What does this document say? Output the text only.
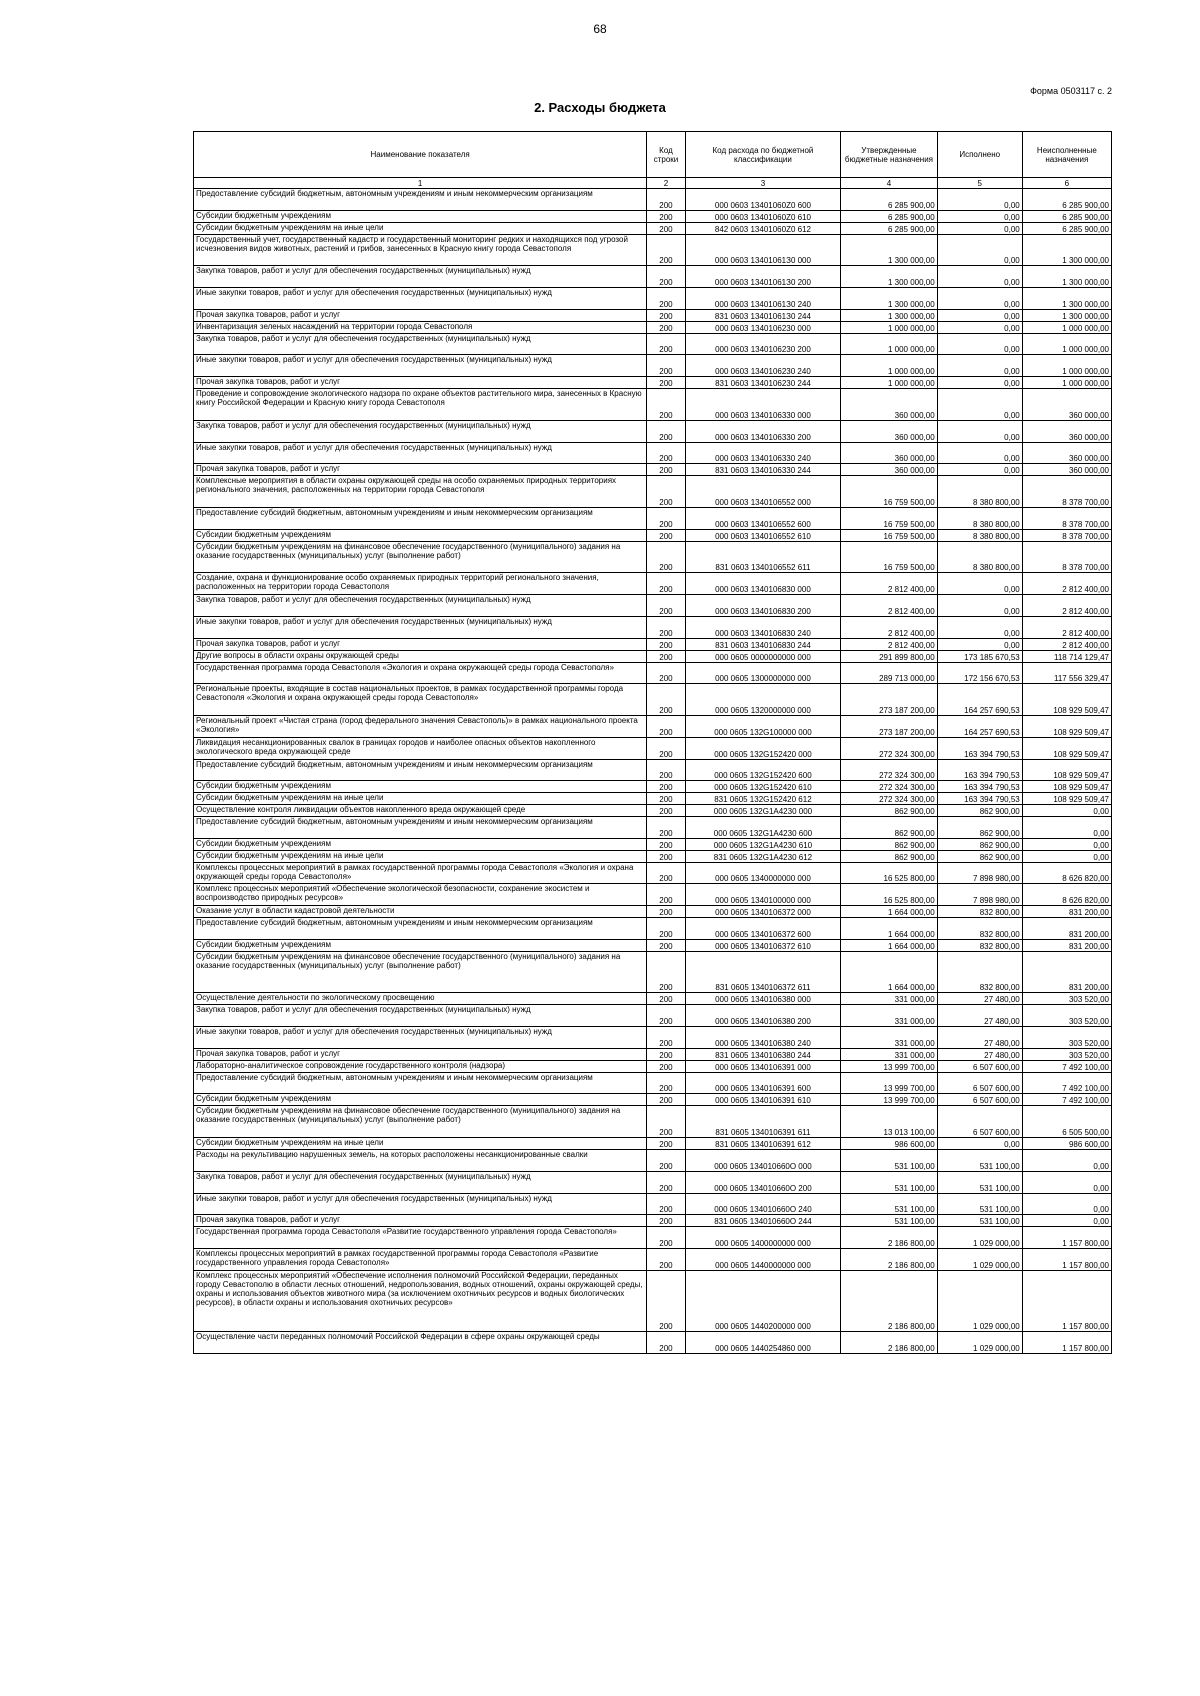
68
Форма 0503117 с. 2
2. Расходы бюджета
Наименование показателя	Код строки	Код расхода по бюджетной классификации	Утвержденные бюджетные назначения	Исполнено	Неисполненные назначения
1	2	3	4	5	6
Предоставление субсидий бюджетным, автономным учреждениям и иным некоммерческим организациям	200	000 0603 13401060Z0 600	6 285 900,00	0,00	6 285 900,00
Субсидии бюджетным учреждениям	200	000 0603 13401060Z0 610	6 285 900,00	0,00	6 285 900,00
Субсидии бюджетным учреждениям на иные цели	200	842 0603 13401060Z0 612	6 285 900,00	0,00	6 285 900,00
Государственный учет, государственный кадастр и государственный мониторинг редких и находящихся под угрозой исчезновения видов животных, растений и грибов, занесенных в Красную книгу города Севастополя	200	000 0603 13401061З0 000	1 300 000,00	0,00	1 300 000,00
Закупка товаров, работ и услуг для обеспечения государственных (муниципальных) нужд	200	000 0603 13401061З0 200	1 300 000,00	0,00	1 300 000,00
Иные закупки товаров, работ и услуг для обеспечения государственных (муниципальных) нужд	200	000 0603 13401061З0 240	1 300 000,00	0,00	1 300 000,00
Прочая закупка товаров, работ и услуг	200	831 0603 13401061З0 244	1 300 000,00	0,00	1 300 000,00
Инвентаризация зеленых насаждений на территории города Севастополя	200	000 0603 1340106230 000	1 000 000,00	0,00	1 000 000,00
Закупка товаров, работ и услуг для обеспечения государственных (муниципальных) нужд	200	000 0603 1340106230 200	1 000 000,00	0,00	1 000 000,00
Иные закупки товаров, работ и услуг для обеспечения государственных (муниципальных) нужд	200	000 0603 1340106230 240	1 000 000,00	0,00	1 000 000,00
Прочая закупка товаров, работ и услуг	200	831 0603 1340106230 244	1 000 000,00	0,00	1 000 000,00
Проведение и сопровождение экологического надзора по охране объектов растительного мира, занесенных в Красную книгу Российской Федерации и Красную книгу города Севастополя	200	000 0603 1340106330 000	360 000,00	0,00	360 000,00
Закупка товаров, работ и услуг для обеспечения государственных (муниципальных) нужд	200	000 0603 1340106330 200	360 000,00	0,00	360 000,00
Иные закупки товаров, работ и услуг для обеспечения государственных (муниципальных) нужд	200	000 0603 1340106330 240	360 000,00	0,00	360 000,00
Прочая закупка товаров, работ и услуг	200	831 0603 1340106330 244	360 000,00	0,00	360 000,00
Комплексные мероприятия в области охраны окружающей среды на особо охраняемых природных территориях регионального значения, расположенных на территории города Севастополя	200	000 0603 1340106552 000	16 759 500,00	8 380 800,00	8 378 700,00
Предоставление субсидий бюджетным, автономным учреждениям и иным некоммерческим организациям	200	000 0603 1340106552 600	16 759 500,00	8 380 800,00	8 378 700,00
Субсидии бюджетным учреждениям	200	000 0603 1340106552 610	16 759 500,00	8 380 800,00	8 378 700,00
Субсидии бюджетным учреждениям на финансовое обеспечение государственного (муниципального) задания на оказание государственных (муниципальных) услуг (выполнение работ)	200	831 0603 1340106552 611	16 759 500,00	8 380 800,00	8 378 700,00
Создание, охрана и функционирование особо охраняемых природных территорий регионального значения, расположенных на территории города Севастополя	200	000 0603 1340106830 000	2 812 400,00	0,00	2 812 400,00
Закупка товаров, работ и услуг для обеспечения государственных (муниципальных) нужд	200	000 0603 1340106830 200	2 812 400,00	0,00	2 812 400,00
Иные закупки товаров, работ и услуг для обеспечения государственных (муниципальных) нужд	200	000 0603 1340106830 240	2 812 400,00	0,00	2 812 400,00
Прочая закупка товаров, работ и услуг	200	831 0603 1340106830 244	2 812 400,00	0,00	2 812 400,00
Другие вопросы в области охраны окружающей среды	200	000 0605 0000000000 000	291 899 800,00	173 185 670,53	118 714 129,47
Государственная программа города Севастополя «Экология и охрана окружающей среды города Севастополя»	200	000 0605 1300000000 000	289 713 000,00	172 156 670,53	117 556 329,47
Региональные проекты, входящие в состав национальных проектов, в рамках государственной программы города Севастополя «Экология и охрана окружающей среды города Севастополя»	200	000 0605 1320000000 000	273 187 200,00	164 257 690,53	108 929 509,47
Региональный проект «Чистая страна (город федерального значения Севастополь)» в рамках национального проекта «Экология»	200	000 0605 132G100000 000	273 187 200,00	164 257 690,53	108 929 509,47
Ликвидация несанкционированных свалок в границах городов и наиболее опасных объектов накопленного экологического вреда окружающей среде	200	000 0605 132G152420 000	272 324 300,00	163 394 790,53	108 929 509,47
Предоставление субсидий бюджетным, автономным учреждениям и иным некоммерческим организациям	200	000 0605 132G152420 600	272 324 300,00	163 394 790,53	108 929 509,47
Субсидии бюджетным учреждениям	200	000 0605 132G152420 610	272 324 300,00	163 394 790,53	108 929 509,47
Субсидии бюджетным учреждениям на иные цели	200	831 0605 132G152420 612	272 324 300,00	163 394 790,53	108 929 509,47
Осуществление контроля ликвидации объектов накопленного вреда окружающей среде	200	000 0605 132G1A4230 000	862 900,00	862 900,00	0,00
Предоставление субсидий бюджетным, автономным учреждениям и иным некоммерческим организациям	200	000 0605 132G1A4230 600	862 900,00	862 900,00	0,00
Субсидии бюджетным учреждениям	200	000 0605 132G1A4230 610	862 900,00	862 900,00	0,00
Субсидии бюджетным учреждениям на иные цели	200	831 0605 132G1A4230 612	862 900,00	862 900,00	0,00
Комплексы процессных мероприятий в рамках государственной программы города Севастополя «Экология и охрана окружающей среды города Севастополя»	200	000 0605 1340000000 000	16 525 800,00	7 898 980,00	8 626 820,00
Комплекс процессных мероприятий «Обеспечение экологической безопасности, сохранение экосистем и воспроизводство природных ресурсов»	200	000 0605 1340100000 000	16 525 800,00	7 898 980,00	8 626 820,00
Оказание услуг в области кадастровой деятельности	200	000 0605 1340106372 000	1 664 000,00	832 800,00	831 200,00
Предоставление субсидий бюджетным, автономным учреждениям и иным некоммерческим организациям	200	000 0605 1340106372 600	1 664 000,00	832 800,00	831 200,00
Субсидии бюджетным учреждениям	200	000 0605 1340106372 610	1 664 000,00	832 800,00	831 200,00
Субсидии бюджетным учреждениям на финансовое обеспечение государственного (муниципального) задания на оказание государственных (муниципальных) услуг (выполнение работ)	200	831 0605 1340106372 611	1 664 000,00	832 800,00	831 200,00
Осуществление деятельности по экологическому просвещению	200	000 0605 1340106380 000	331 000,00	27 480,00	303 520,00
Закупка товаров, работ и услуг для обеспечения государственных (муниципальных) нужд	200	000 0605 1340106380 200	331 000,00	27 480,00	303 520,00
Иные закупки товаров, работ и услуг для обеспечения государственных (муниципальных) нужд	200	000 0605 1340106380 240	331 000,00	27 480,00	303 520,00
Прочая закупка товаров, работ и услуг	200	831 0605 1340106380 244	331 000,00	27 480,00	303 520,00
Лабораторно-аналитическое сопровождение государственного контроля (надзора)	200	000 0605 1340106391 000	13 999 700,00	6 507 600,00	7 492 100,00
Предоставление субсидий бюджетным, автономным учреждениям и иным некоммерческим организациям	200	000 0605 1340106391 600	13 999 700,00	6 507 600,00	7 492 100,00
Субсидии бюджетным учреждениям	200	000 0605 1340106391 610	13 999 700,00	6 507 600,00	7 492 100,00
Субсидии бюджетным учреждениям на финансовое обеспечение государственного (муниципального) задания на оказание государственных (муниципальных) услуг (выполнение работ)	200	831 0605 1340106391 611	13 013 100,00	6 507 600,00	6 505 500,00
Субсидии бюджетным учреждениям на иные цели	200	831 0605 1340106391 612	986 600,00	0,00	986 600,00
Расходы на рекультивацию нарушенных земель, на которых расположены несанкционированные свалки	200	000 0605 134010660О 000	531 100,00	531 100,00	0,00
Закупка товаров, работ и услуг для обеспечения государственных (муниципальных) нужд	200	000 0605 134010660О 200	531 100,00	531 100,00	0,00
Иные закупки товаров, работ и услуг для обеспечения государственных (муниципальных) нужд	200	000 0605 134010660О 240	531 100,00	531 100,00	0,00
Прочая закупка товаров, работ и услуг	200	831 0605 134010660О 244	531 100,00	531 100,00	0,00
Государственная программа города Севастополя «Развитие государственного управления города Севастополя»	200	000 0605 1400000000 000	2 186 800,00	1 029 000,00	1 157 800,00
Комплексы процессных мероприятий в рамках государственной программы города Севастополя «Развитие государственного управления города Севастополя»	200	000 0605 1440000000 000	2 186 800,00	1 029 000,00	1 157 800,00
Комплекс процессных мероприятий «Обеспечение исполнения полномочий Российской Федерации, переданных городу Севастополю в области лесных отношений, недропользования, водных отношений, охраны окружающей среды, охраны и использования объектов животного мира (за исключением охотничьих ресурсов и водных биологических ресурсов), в области охраны и использования охотничьих ресурсов»	200	000 0605 1440200000 000	2 186 800,00	1 029 000,00	1 157 800,00
Осуществление части переданных полномочий Российской Федерации в сфере охраны окружающей среды	200	000 0605 1440254860 000	2 186 800,00	1 029 000,00	1 157 800,00
